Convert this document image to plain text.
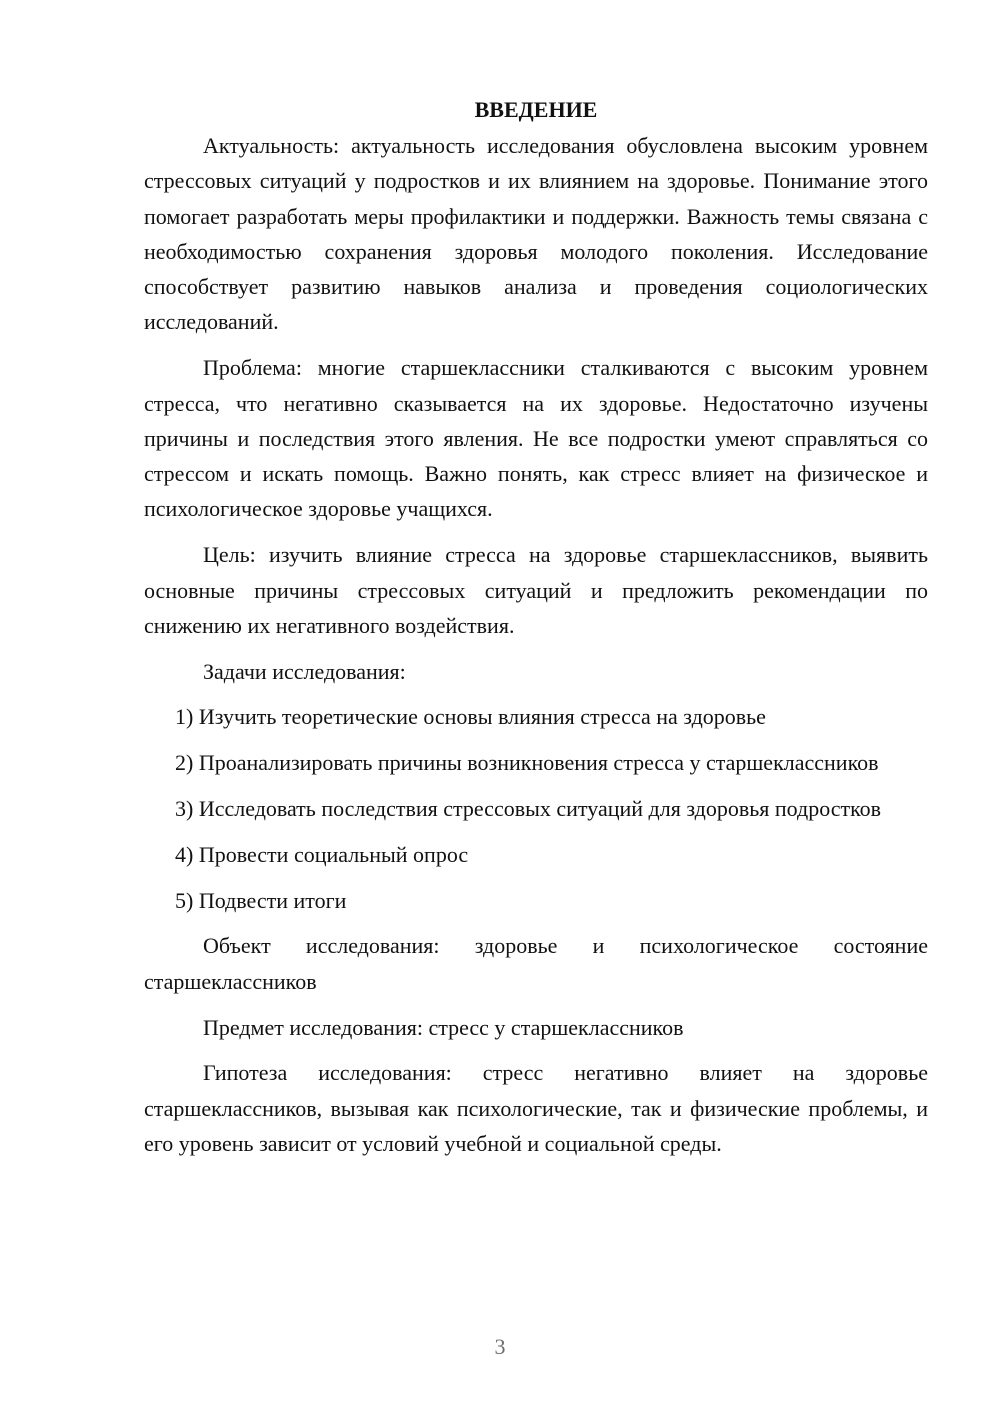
ВВЕДЕНИЕ

Актуальность: актуальность исследования обусловлена высоким уровнем стрессовых ситуаций у подростков и их влиянием на здоровье. Понимание этого помогает разработать меры профилактики и поддержки. Важность темы связана с необходимостью сохранения здоровья молодого поколения. Исследование способствует развитию навыков анализа и проведения социологических исследований.

Проблема: многие старшеклассники сталкиваются с высоким уровнем стресса, что негативно сказывается на их здоровье. Недостаточно изучены причины и последствия этого явления. Не все подростки умеют справляться со стрессом и искать помощь. Важно понять, как стресс влияет на физическое и психологическое здоровье учащихся.

Цель: изучить влияние стресса на здоровье старшеклассников, выявить основные причины стрессовых ситуаций и предложить рекомендации по снижению их негативного воздействия.

Задачи исследования:

1) Изучить теоретические основы влияния стресса на здоровье

2) Проанализировать причины возникновения стресса у старшеклассников

3) Исследовать последствия стрессовых ситуаций для здоровья подростков

4) Провести социальный опрос

5) Подвести итоги

Объект исследования: здоровье и психологическое состояние старшеклассников

Предмет исследования: стресс у старшеклассников

Гипотеза исследования: стресс негативно влияет на здоровье старшеклассников, вызывая как психологические, так и физические проблемы, и его уровень зависит от условий учебной и социальной среды.

3
